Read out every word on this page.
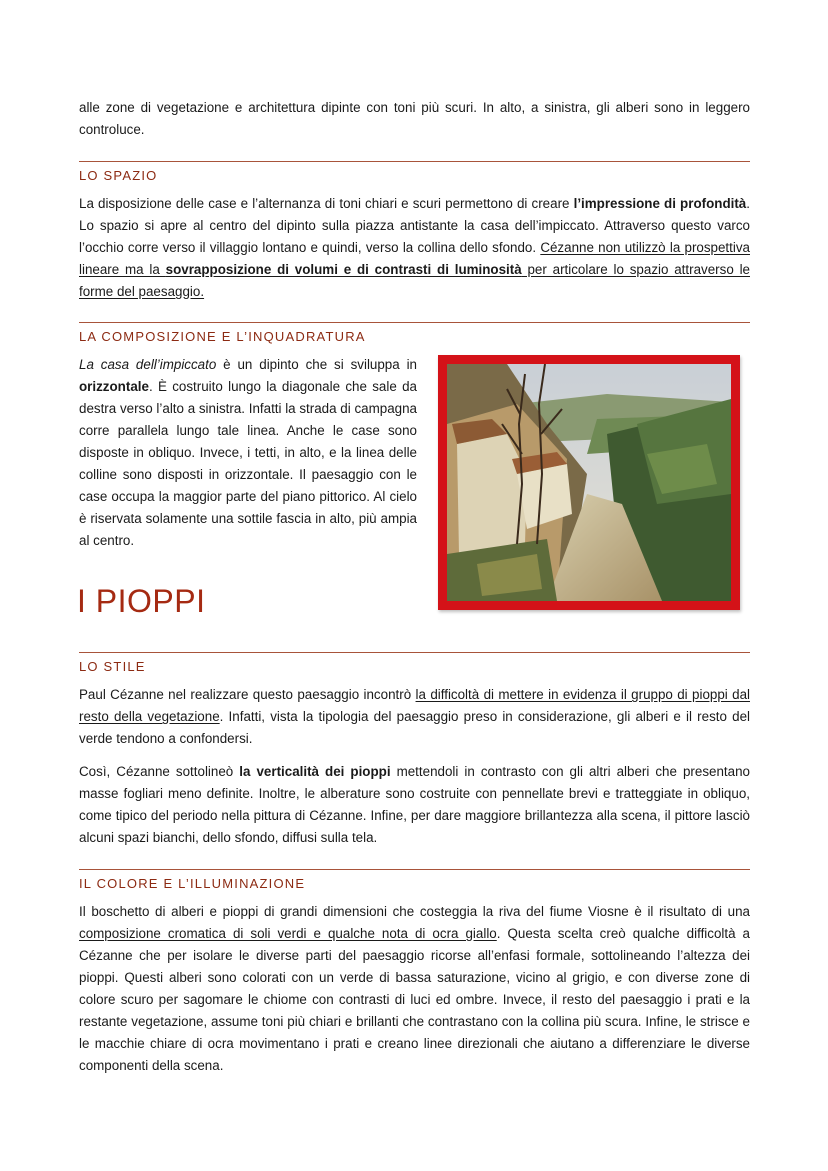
alle zone di vegetazione e architettura dipinte con toni più scuri. In alto, a sinistra, gli alberi sono in leggero controluce.

LO SPAZIO

La disposizione delle case e l’alternanza di toni chiari e scuri permettono di creare l’impressione di profondità. Lo spazio si apre al centro del dipinto sulla piazza antistante la casa dell’impiccato. Attraverso questo varco l’occhio corre verso il villaggio lontano e quindi, verso la collina dello sfondo. Cézanne non utilizzò la prospettiva lineare ma la sovrapposizione di volumi e di contrasti di luminosità per articolare lo spazio attraverso le forme del paesaggio.

LA COMPOSIZIONE E L’INQUADRATURA

La casa dell’impiccato è un dipinto che si sviluppa in orizzontale. È costruito lungo la diagonale che sale da destra verso l’alto a sinistra. Infatti la strada di campagna corre parallela lungo tale linea. Anche le case sono disposte in obliquo. Invece, i tetti, in alto, e la linea delle colline sono disposti in orizzontale. Il paesaggio con le case occupa la maggior parte del piano pittorico. Al cielo è riservata solamente una sottile fascia in alto, più ampia al centro.

I PIOPPI
LO STILE

Paul Cézanne nel realizzare questo paesaggio incontrò la difficoltà di mettere in evidenza il gruppo di pioppi dal resto della vegetazione. Infatti, vista la tipologia del paesaggio preso in considerazione, gli alberi e il resto del verde tendono a confondersi.

Così, Cézanne sottolineò la verticalità dei pioppi mettendoli in contrasto con gli altri alberi che presentano masse fogliari meno definite. Inoltre, le alberature sono costruite con pennellate brevi e tratteggiate in obliquo, come tipico del periodo nella pittura di Cézanne. Infine, per dare maggiore brillantezza alla scena, il pittore lasciò alcuni spazi bianchi, dello sfondo, diffusi sulla tela.

IL COLORE E L’ILLUMINAZIONE

Il boschetto di alberi e pioppi di grandi dimensioni che costeggia la riva del fiume Viosne è il risultato di una composizione cromatica di soli verdi e qualche nota di ocra giallo. Questa scelta creò qualche difficoltà a Cézanne che per isolare le diverse parti del paesaggio ricorse all’enfasi formale, sottolineando l’altezza dei pioppi. Questi alberi sono colorati con un verde di bassa saturazione, vicino al grigio, e con diverse zone di colore scuro per sagomare le chiome con contrasti di luci ed ombre. Invece, il resto del paesaggio i prati e la restante vegetazione, assume toni più chiari e brillanti che contrastano con la collina più scura. Infine, le strisce e le macchie chiare di ocra movimentano i prati e creano linee direzionali che aiutano a differenziare le diverse componenti della scena.
